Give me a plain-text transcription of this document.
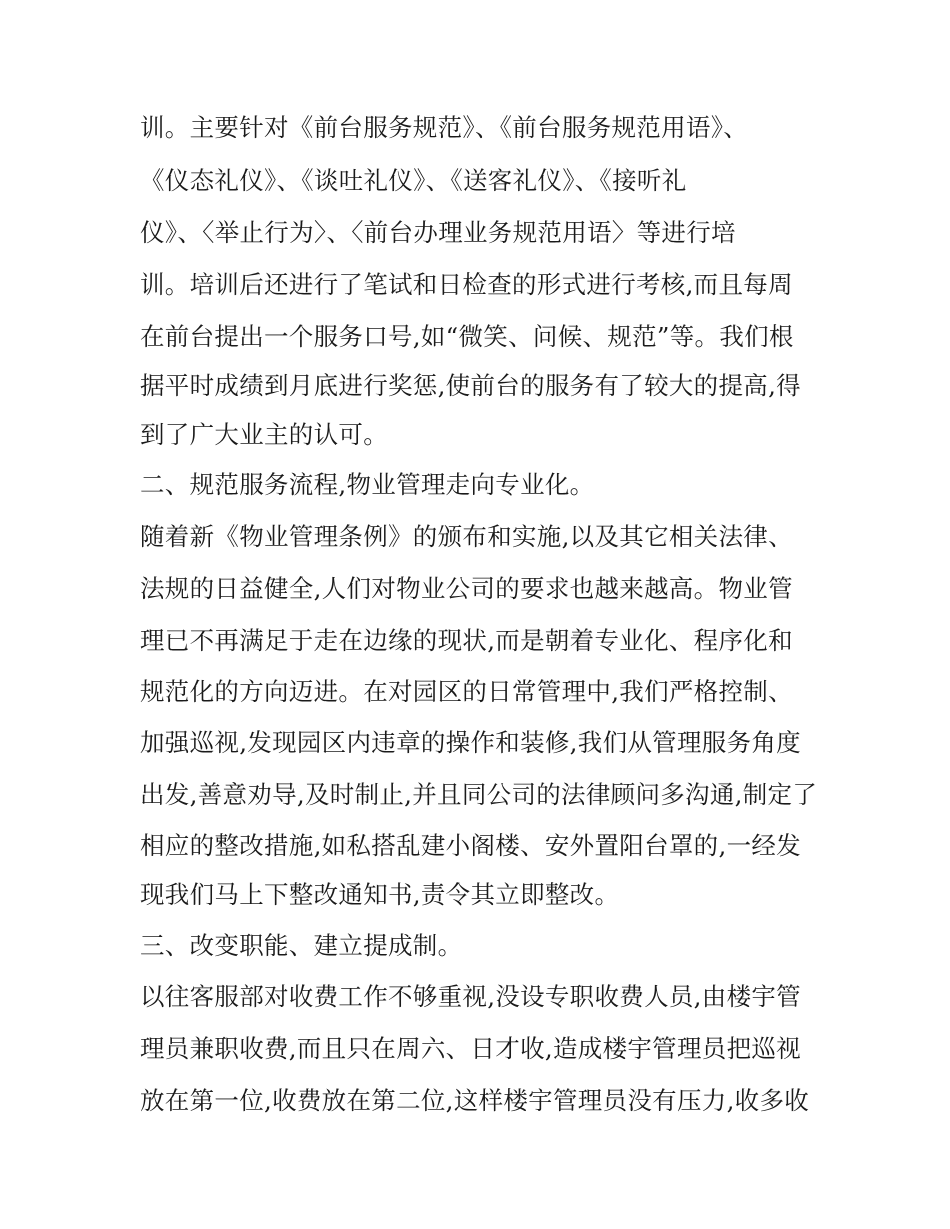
训。主要针对《前台服务规范》、《前台服务规范用语》、

《仪态礼仪》、《谈吐礼仪》、《送客礼仪》、《接听礼

仪》、〈举止行为〉、〈前台办理业务规范用语〉等进行培

训。培训后还进行了笔试和日检查的形式进行考核,而且每周

在前台提出一个服务口号,如“微笑、问候、规范”等。我们根

据平时成绩到月底进行奖惩,使前台的服务有了较大的提高,得

到了广大业主的认可。

二、规范服务流程,物业管理走向专业化。

随着新《物业管理条例》的颁布和实施,以及其它相关法律、

法规的日益健全,人们对物业公司的要求也越来越高。物业管

理已不再满足于走在边缘的现状,而是朝着专业化、程序化和

规范化的方向迈进。在对园区的日常管理中,我们严格控制、

加强巡视,发现园区内违章的操作和装修,我们从管理服务角度

出发,善意劝导,及时制止,并且同公司的法律顾问多沟通,制定了

相应的整改措施,如私搭乱建小阁楼、安外置阳台罩的,一经发

现我们马上下整改通知书,责令其立即整改。

三、改变职能、建立提成制。

以往客服部对收费工作不够重视,没设专职收费人员,由楼宇管

理员兼职收费,而且只在周六、日才收,造成楼宇管理员把巡视

放在第一位,收费放在第二位,这样楼宇管理员没有压力,收多收
